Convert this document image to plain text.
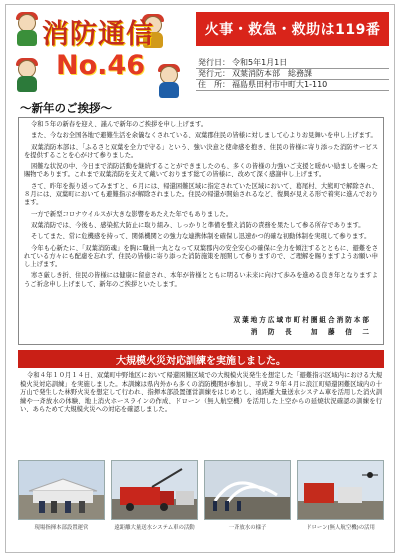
消防通信
No.46
火事・救急・救助は119番
発行日： 令和5年1月1日
発行元： 双葉消防本部　総務課
住　所： 福島県田村市中町大1-110
～新年のご挨拶～

令和５年の新春を迎え、謹んで新年のご挨拶を申し上げます。

また、今なお全国各地で避難生活を余儀なくされている、双葉郡住民の皆様に対しまして心よりお見舞いを申し上げます。

双葉消防本部は、「ふるさと双葉を全力で守る」という、強い決意と使命感を抱き、住民の皆様に寄り添った消防サービスを提供することを心がけて参りました。

困難な状況の中、今日まで消防活動を継続することができましたのも、多くの皆様の力強いご支援と暖かい励ましを賜った賜物であります。これまで双葉消防を支えて戴いております総ての皆様に、改めて深く感謝申し上げます。

さて、昨年を振り返ってみますと、６月には、帰還困難区域に指定されていた区域において、葛尾村、大熊町で解除され、８月には、双葉町においても避難指示が解除されました。住民の帰還が開始されるなど、復興が見える形で着実に進んでおります。

一方で新型コロナウイルスが大きな影響をあたえた年でもありました。

双葉消防では、今後も、感染拡大防止に取り組み、しっかりと準備を整え消防の責務を果たして参る所存であります。

そしてまた、常に危機感を持って、関係機関との強力な連携体制を確保し迅速かつ的確な初動体制を実現して参ります。

今年も心新たに、「双葉消防魂」を胸に職員一丸となって双葉郡内の安全安心の確保に全力を傾注するとともに、避難をされている方々にも配慮を忘れず、住民の皆様に寄り添った消防施策を展開して参りますので、ご理解を賜りますようお願い申し上げます。

寒さ厳しき折、住民の皆様には健康に留意され、本年が皆様とともに明るい未来に向けて歩みを進める良き年となりますようご祈念申し上げまして、新年のご挨拶といたします。

双葉地方広域市町村圏組合消防本部
消　防　長　　加　藤　信　二
大規模火災対応訓練を実施しました。
令和４年１０月１４日、双葉町中野地区において帰還困難区域での大規模火災発生を想定した「避難指示区域内における大規模火災対応訓練」を実施しました。本訓練は県内外から多くの消防機関が参加し、平成２９年４月に浪江町帰還困難区域内の十万山で発生した林野火災を想定して行われ、指揮本部設置運営訓練をはじめとし、遠距離大量送水システム車を活用した消火訓練や一斉放水の体験、地上消火ホースラインの作成、ドローン（無人航空機）を活用した上空からの延焼状況確認の訓練を行い、あらためて大規模火災への対応を確認しました。
現場指揮本部設置運営	遠距離大量送水システム車の活動	一斉放水の様子	ドローン(無人航空機)の活用
